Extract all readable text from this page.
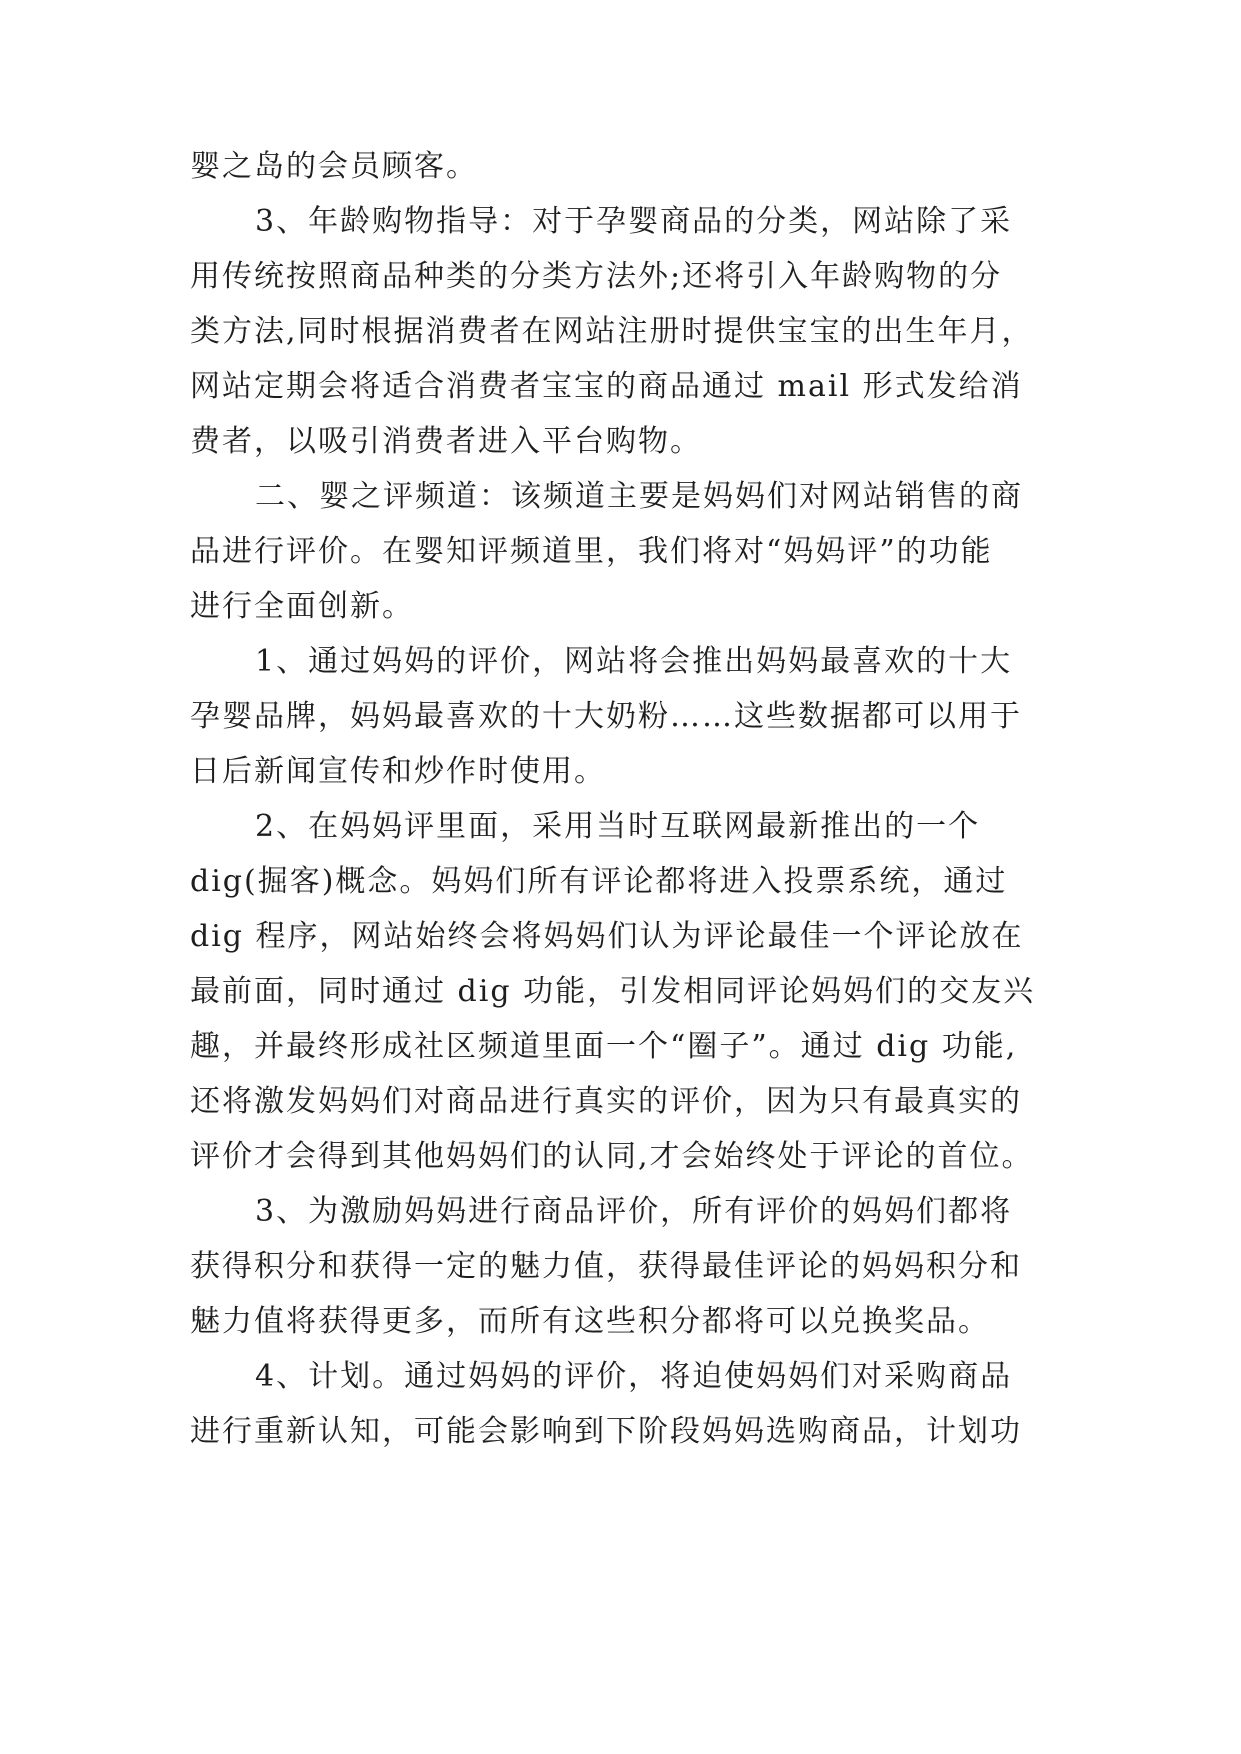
婴之岛的会员顾客。

3、年龄购物指导：对于孕婴商品的分类，网站除了采

用传统按照商品种类的分类方法外;还将引入年龄购物的分

类方法,同时根据消费者在网站注册时提供宝宝的出生年月，

网站定期会将适合消费者宝宝的商品通过 mail 形式发给消

费者，以吸引消费者进入平台购物。

二、婴之评频道：该频道主要是妈妈们对网站销售的商

品进行评价。在婴知评频道里，我们将对“妈妈评”的功能

进行全面创新。

1、通过妈妈的评价，网站将会推出妈妈最喜欢的十大

孕婴品牌，妈妈最喜欢的十大奶粉……这些数据都可以用于

日后新闻宣传和炒作时使用。

2、在妈妈评里面，采用当时互联网最新推出的一个

dig(掘客)概念。妈妈们所有评论都将进入投票系统，通过

dig 程序，网站始终会将妈妈们认为评论最佳一个评论放在

最前面，同时通过 dig 功能，引发相同评论妈妈们的交友兴

趣，并最终形成社区频道里面一个“圈子”。通过 dig 功能,

还将激发妈妈们对商品进行真实的评价，因为只有最真实的

评价才会得到其他妈妈们的认同,才会始终处于评论的首位。

3、为激励妈妈进行商品评价，所有评价的妈妈们都将

获得积分和获得一定的魅力值，获得最佳评论的妈妈积分和

魅力值将获得更多，而所有这些积分都将可以兑换奖品。

4、计划。通过妈妈的评价，将迫使妈妈们对采购商品

进行重新认知，可能会影响到下阶段妈妈选购商品，计划功
